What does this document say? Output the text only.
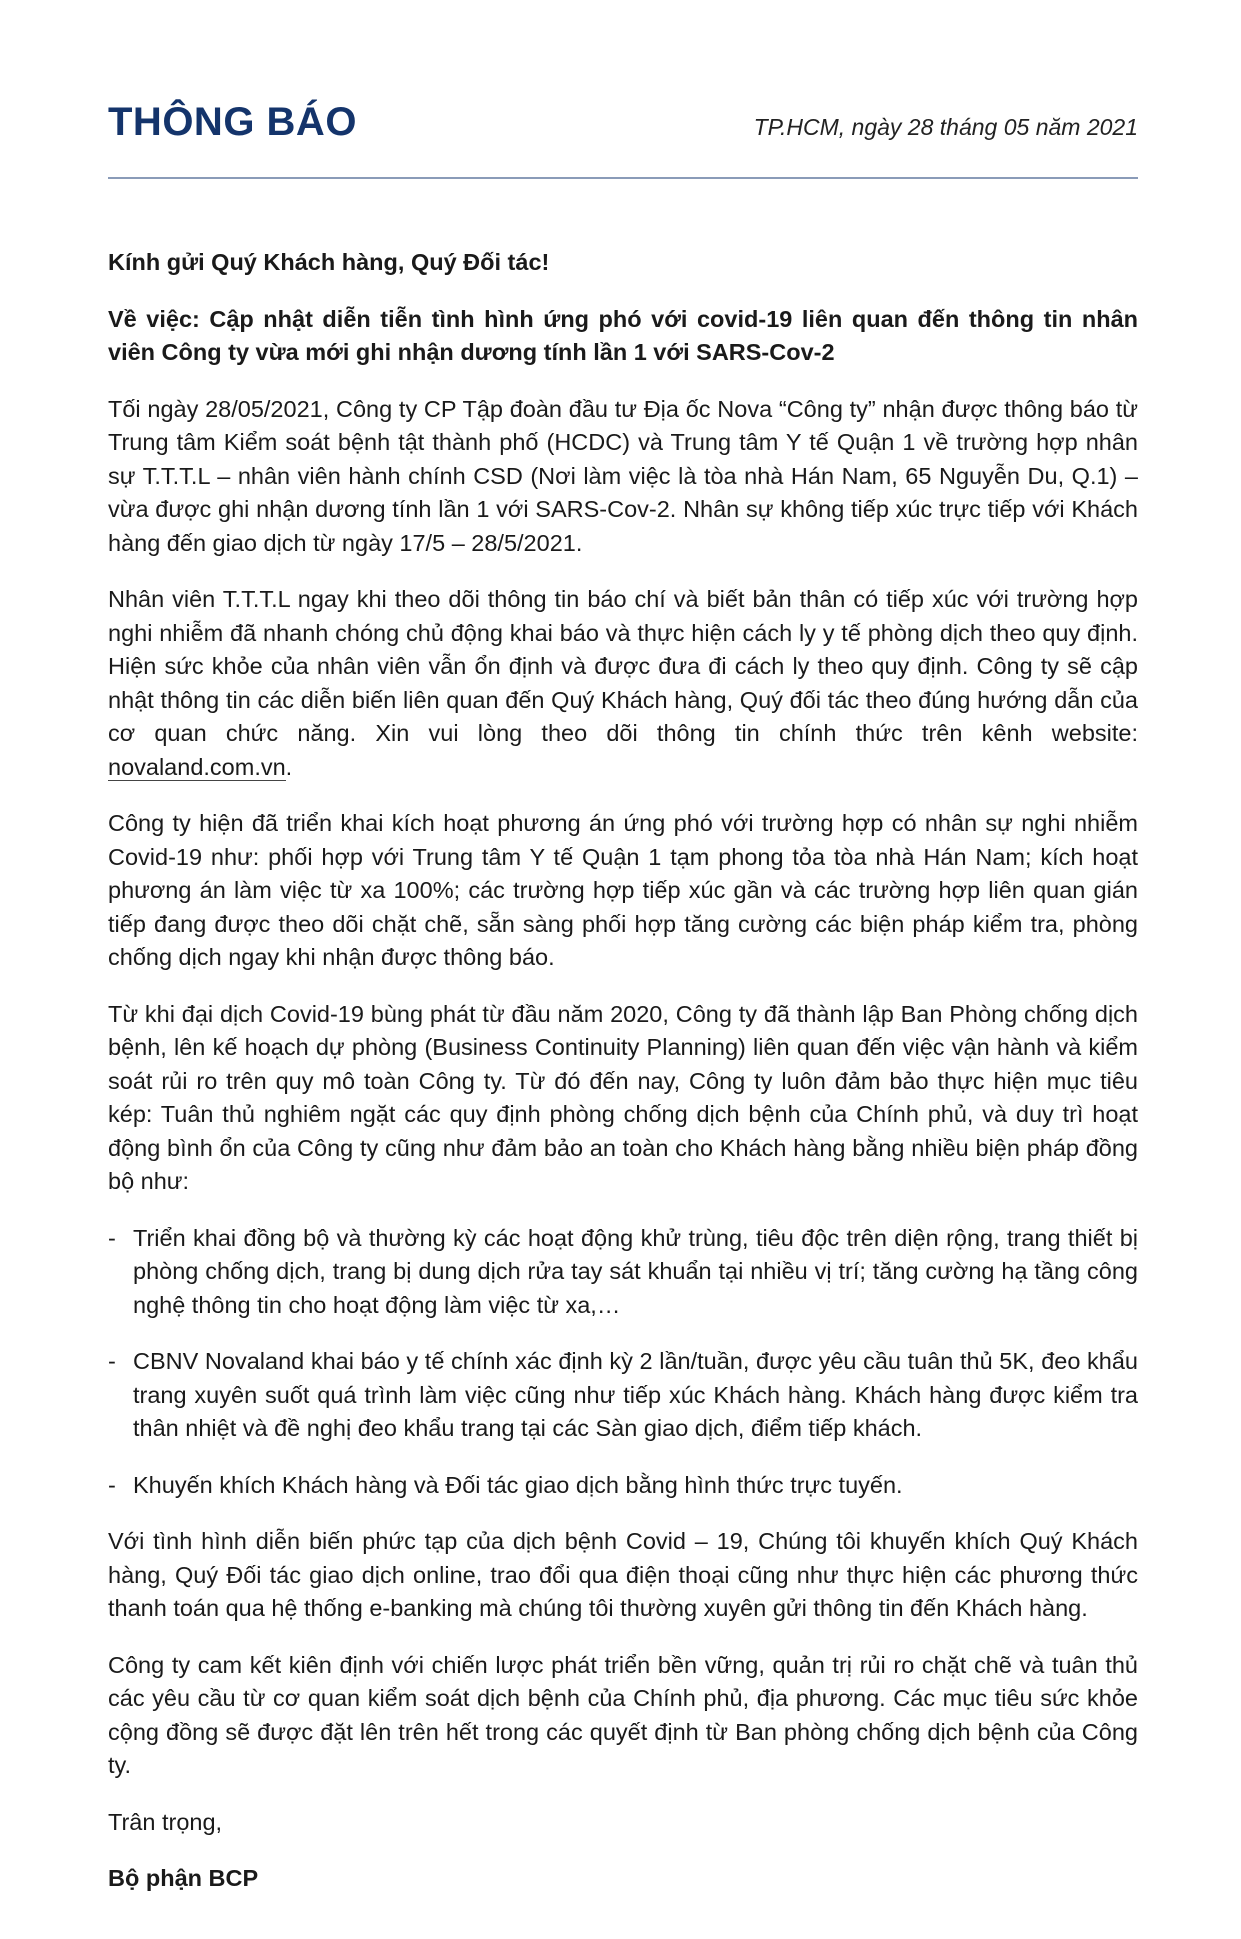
THÔNG BÁO	TP.HCM, ngày 28 tháng 05 năm 2021

Kính gửi Quý Khách hàng, Quý Đối tác!

Về việc: Cập nhật diễn tiễn tình hình ứng phó với covid-19 liên quan đến thông tin nhân viên Công ty vừa mới ghi nhận dương tính lần 1 với SARS-Cov-2

Tối ngày 28/05/2021, Công ty CP Tập đoàn đầu tư Địa ốc Nova “Công ty” nhận được thông báo từ Trung tâm Kiểm soát bệnh tật thành phố (HCDC) và Trung tâm Y tế Quận 1 về trường hợp nhân sự T.T.T.L – nhân viên hành chính CSD (Nơi làm việc là tòa nhà Hán Nam, 65 Nguyễn Du, Q.1) – vừa được ghi nhận dương tính lần 1 với SARS-Cov-2. Nhân sự không tiếp xúc trực tiếp với Khách hàng đến giao dịch từ ngày 17/5 – 28/5/2021.

Nhân viên T.T.T.L ngay khi theo dõi thông tin báo chí và biết bản thân có tiếp xúc với trường hợp nghi nhiễm đã nhanh chóng chủ động khai báo và thực hiện cách ly y tế phòng dịch theo quy định. Hiện sức khỏe của nhân viên vẫn ổn định và được đưa đi cách ly theo quy định. Công ty sẽ cập nhật thông tin các diễn biến liên quan đến Quý Khách hàng, Quý đối tác theo đúng hướng dẫn của cơ quan chức năng. Xin vui lòng theo dõi thông tin chính thức trên kênh website: novaland.com.vn.

Công ty hiện đã triển khai kích hoạt phương án ứng phó với trường hợp có nhân sự nghi nhiễm Covid-19 như: phối hợp với Trung tâm Y tế Quận 1 tạm phong tỏa tòa nhà Hán Nam; kích hoạt phương án làm việc từ xa 100%; các trường hợp tiếp xúc gần và các trường hợp liên quan gián tiếp đang được theo dõi chặt chẽ, sẵn sàng phối hợp tăng cường các biện pháp kiểm tra, phòng chống dịch ngay khi nhận được thông báo.

Từ khi đại dịch Covid-19 bùng phát từ đầu năm 2020, Công ty đã thành lập Ban Phòng chống dịch bệnh, lên kế hoạch dự phòng (Business Continuity Planning) liên quan đến việc vận hành và kiểm soát rủi ro trên quy mô toàn Công ty. Từ đó đến nay, Công ty luôn đảm bảo thực hiện mục tiêu kép: Tuân thủ nghiêm ngặt các quy định phòng chống dịch bệnh của Chính phủ, và duy trì hoạt động bình ổn của Công ty cũng như đảm bảo an toàn cho Khách hàng bằng nhiều biện pháp đồng bộ như:

- Triển khai đồng bộ và thường kỳ các hoạt động khử trùng, tiêu độc trên diện rộng, trang thiết bị phòng chống dịch, trang bị dung dịch rửa tay sát khuẩn tại nhiều vị trí; tăng cường hạ tầng công nghệ thông tin cho hoạt động làm việc từ xa,…
- CBNV Novaland khai báo y tế chính xác định kỳ 2 lần/tuần, được yêu cầu tuân thủ 5K, đeo khẩu trang xuyên suốt quá trình làm việc cũng như tiếp xúc Khách hàng. Khách hàng được kiểm tra thân nhiệt và đề nghị đeo khẩu trang tại các Sàn giao dịch, điểm tiếp khách.
- Khuyến khích Khách hàng và Đối tác giao dịch bằng hình thức trực tuyến.

Với tình hình diễn biến phức tạp của dịch bệnh Covid – 19, Chúng tôi khuyến khích Quý Khách hàng, Quý Đối tác giao dịch online, trao đổi qua điện thoại cũng như thực hiện các phương thức thanh toán qua hệ thống e-banking mà chúng tôi thường xuyên gửi thông tin đến Khách hàng.

Công ty cam kết kiên định với chiến lược phát triển bền vững, quản trị rủi ro chặt chẽ và tuân thủ các yêu cầu từ cơ quan kiểm soát dịch bệnh của Chính phủ, địa phương. Các mục tiêu sức khỏe cộng đồng sẽ được đặt lên trên hết trong các quyết định từ Ban phòng chống dịch bệnh của Công ty.

Trân trọng,

Bộ phận BCP
